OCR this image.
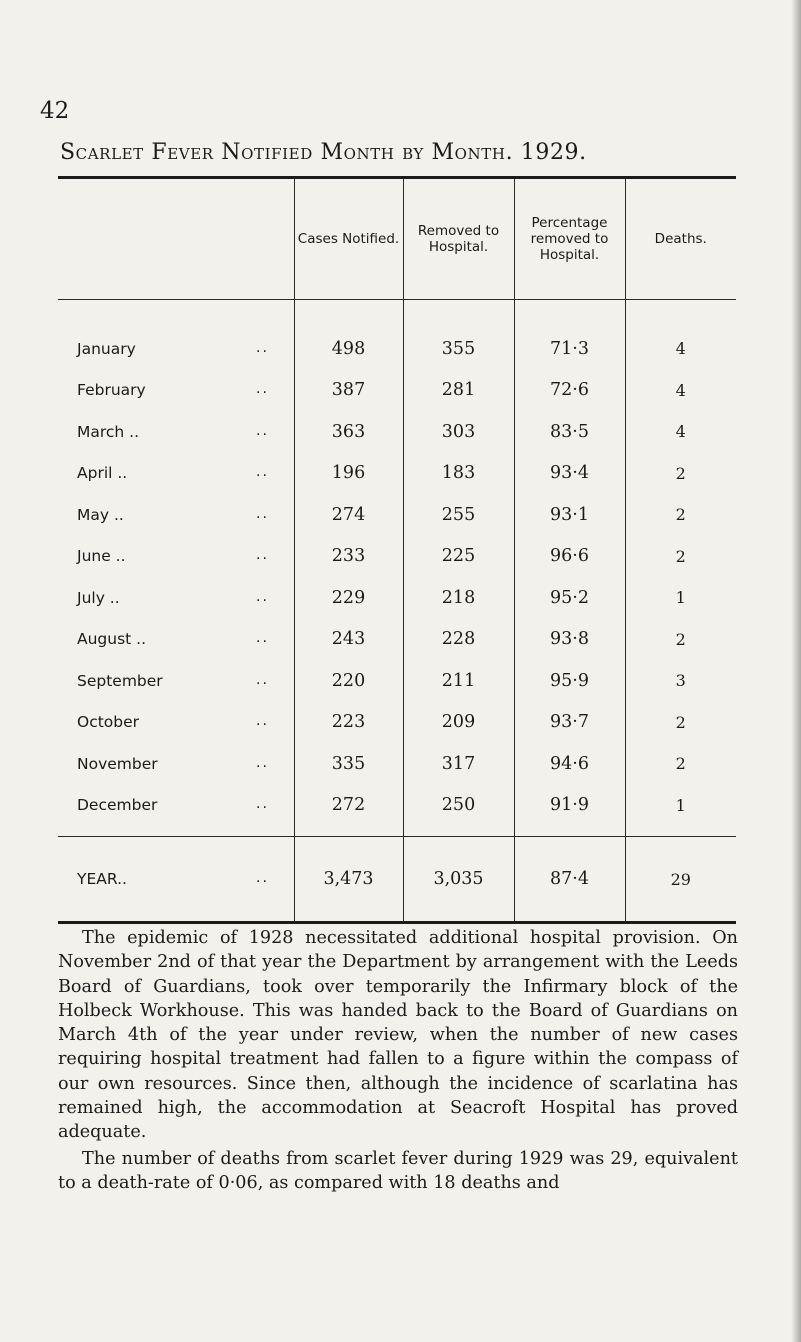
42
Scarlet Fever Notified Month by Month. 1929.
	Cases Notified.	Removed to Hospital.	Percentage removed to Hospital.	Deaths.
January ..	498	355	71·3	4
February ..	387	281	72·6	4
March .. ..	363	303	83·5	4
April .. ..	196	183	93·4	2
May .. ..	274	255	93·1	2
June .. ..	233	225	96·6	2
July .. ..	229	218	95·2	1
August .. ..	243	228	93·8	2
September ..	220	211	95·9	3
October ..	223	209	93·7	2
November ..	335	317	94·6	2
December ..	272	250	91·9	1
YEAR.. ..	3,473	3,035	87·4	29

The epidemic of 1928 necessitated additional hospital provision. On November 2nd of that year the Department by arrangement with the Leeds Board of Guardians, took over temporarily the Infirmary block of the Holbeck Workhouse. This was handed back to the Board of Guardians on March 4th of the year under review, when the number of new cases requiring hospital treatment had fallen to a figure within the compass of our own resources. Since then, although the incidence of scarlatina has remained high, the accommodation at Seacroft Hospital has proved adequate.

The number of deaths from scarlet fever during 1929 was 29, equivalent to a death-rate of 0·06, as compared with 18 deaths and
